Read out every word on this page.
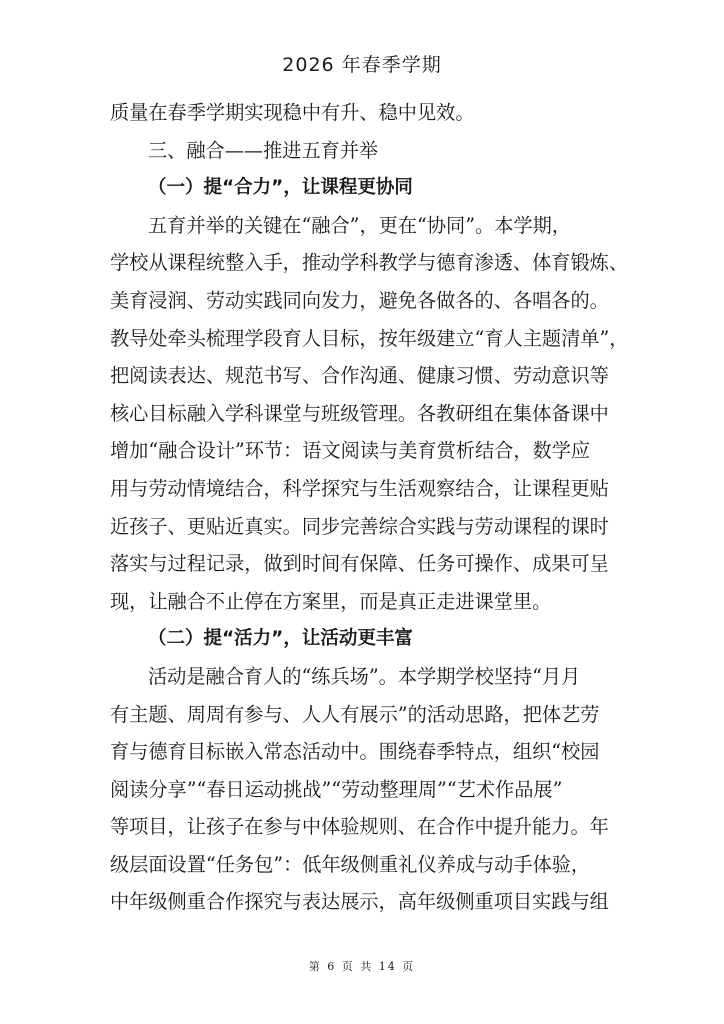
2026 年春季学期
质量在春季学期实现稳中有升、稳中见效。
三、融合——推进五育并举
（一）提“合力”，让课程更协同
五育并举的关键在“融合”，更在“协同”。本学期，
学校从课程统整入手，推动学科教学与德育渗透、体育锻炼、
美育浸润、劳动实践同向发力，避免各做各的、各唱各的。
教导处牵头梳理学段育人目标，按年级建立“育人主题清单”，
把阅读表达、规范书写、合作沟通、健康习惯、劳动意识等
核心目标融入学科课堂与班级管理。各教研组在集体备课中
增加“融合设计”环节：语文阅读与美育赏析结合，数学应
用与劳动情境结合，科学探究与生活观察结合，让课程更贴
近孩子、更贴近真实。同步完善综合实践与劳动课程的课时
落实与过程记录，做到时间有保障、任务可操作、成果可呈
现，让融合不止停在方案里，而是真正走进课堂里。
（二）提“活力”，让活动更丰富
活动是融合育人的“练兵场”。本学期学校坚持“月月
有主题、周周有参与、人人有展示”的活动思路，把体艺劳
育与德育目标嵌入常态活动中。围绕春季特点，组织“校园
阅读分享”“春日运动挑战”“劳动整理周”“艺术作品展”
等项目，让孩子在参与中体验规则、在合作中提升能力。年
级层面设置“任务包”：低年级侧重礼仪养成与动手体验，
中年级侧重合作探究与表达展示，高年级侧重项目实践与组
第 6 页 共 14 页
